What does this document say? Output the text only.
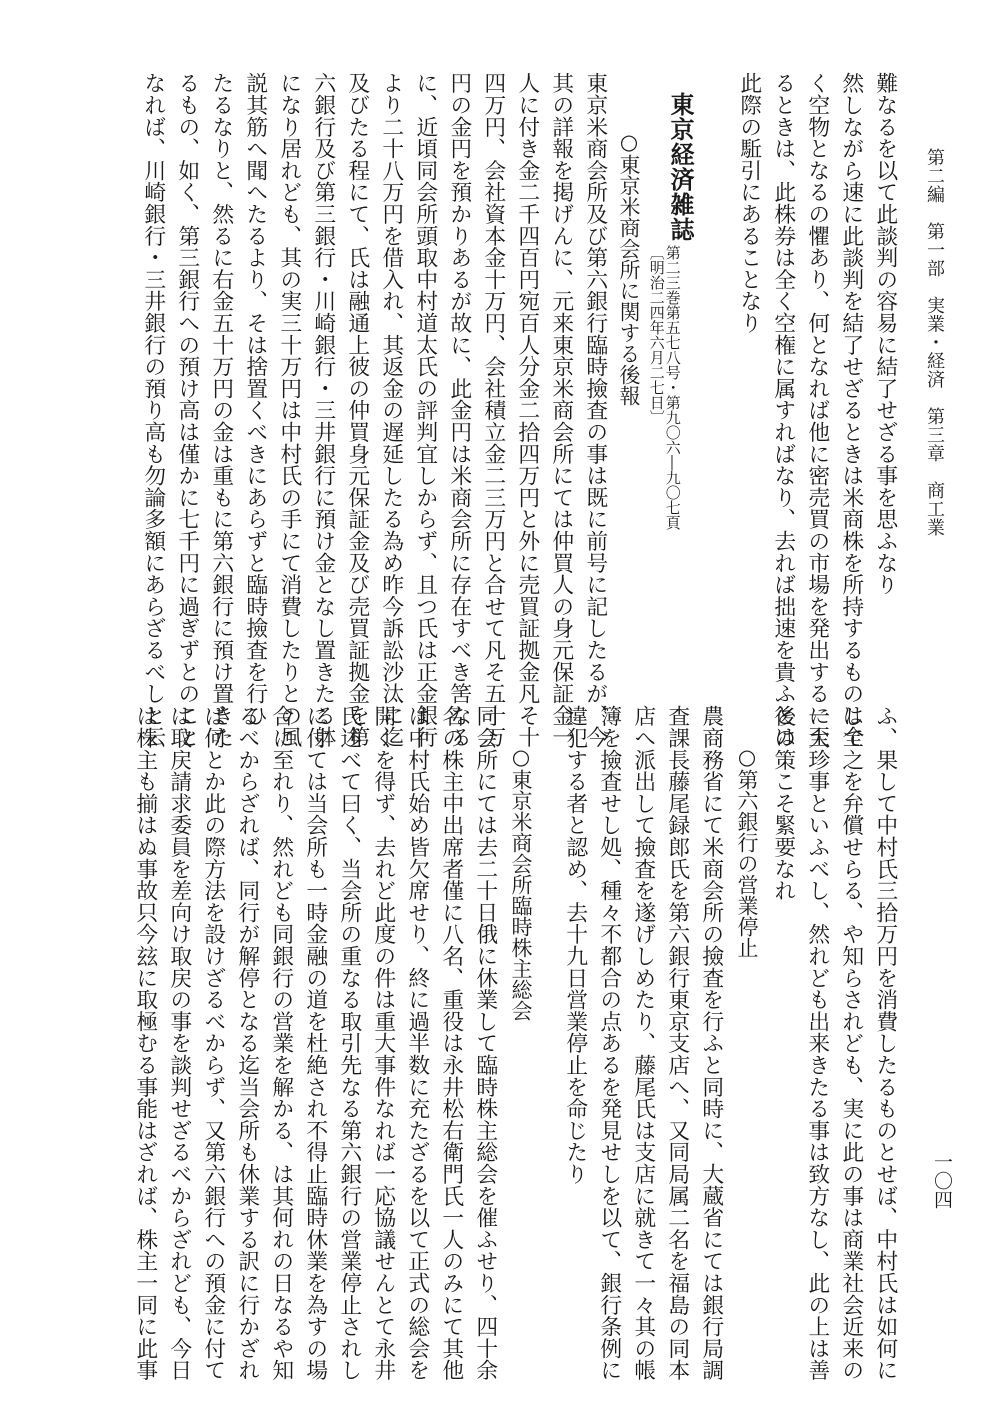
第二編　第一部　実業・経済　第三章　商工業
一〇四
難なるを以て此談判の容易に結了せざる事を思ふなり
然しながら速に此談判を結了せざるときは米商株を所持するものは全
く空物となるの懼あり、何となれば他に密売買の市場を発出するに至
るときは、此株券は全く空権に属すればなり、去れば拙速を貴ふとは
此際の駈引にあることなり
東京経済雑誌
第二三巻第五七八号・第九〇六―九〇七頁
〔明治二四年六月二七日〕
○東京米商会所に関する後報
東京米商会所及び第六銀行臨時撿査の事は既に前号に記したるが、今
其の詳報を掲げんに、元来東京米商会所にては仲買人の身元保証金一
人に付き金二千四百円宛百人分金二拾四万円と外に売買証拠金凡そ十
四万円、会社資本金十万円、会社積立金二三万円と合せて凡そ五十万
円の金円を預かりあるが故に、此金円は米商会所に存在すべき筈なる
に、近頃同会所頭取中村道太氏の評判宜しからず、且つ氏は正金銀行
より二十八万円を借入れ、其返金の遅延したる為め昨今訴訟沙汰に迄
及びたる程にて、氏は融通上彼の仲買身元保証金及び売買証拠金を第
六銀行及び第三銀行・川崎銀行・三井銀行に預け金となし置きたる躰
になり居れども、其の実三十万円は中村氏の手にて消費したりとの風
説其筋へ聞へたるより、そは捨置くべきにあらずと臨時撿査を行ひ
たるなりと、然るに右金五十万円の金は重もに第六銀行に預け置きた
るもの、如く、第三銀行への預け高は僅かに七千円に過ぎずとのこと
なれば、川崎銀行・三井銀行の預り高も勿論多額にあらざるべしと云
ふ、果して中村氏三拾万円を消費したるものとせば、中村氏は如何に
して之を弁償せらる、や知らされども、実に此の事は商業社会近来の
一大珍事といふべし、然れども出来きたる事は致方なし、此の上は善
後の策こそ緊要なれ
○第六銀行の営業停止
農商務省にて米商会所の撿査を行ふと同時に、大蔵省にては銀行局調
査課長藤尾録郎氏を第六銀行東京支店へ、又同局属二名を福島の同本
店へ派出して撿査を遂げしめたり、藤尾氏は支店に就きて一々其の帳
簿を撿査せし処、種々不都合の点あるを発見せしを以て、銀行条例に
違犯する者と認め、去十九日営業停止を命じたり
○東京米商会所臨時株主総会
同会所にては去二十日俄に休業して臨時株主総会を催ふせり、四十余
名の株主中出席者僅に八名、重役は永井松右衛門氏一人のみにて其他
は中村氏始め皆欠席せり、終に過半数に充たざるを以て正式の総会を
開くを得ず、去れど此度の件は重大事件なれば一応協議せんとて永井
氏述べて曰く、当会所の重なる取引先なる第六銀行の営業停止されし
に付ては当会所も一時金融の道を杜絶され不得止臨時休業を為すの場
合に至れり、然れども同銀行の営業を解かる、は其何れの日なるや知
るべからざれば、同行が解停となる迄当会所も休業する訳に行かざれ
ば何とか此の際方法を設けざるべからず、又第六銀行への預金に付て
は取戻請求委員を差向け取戻の事を談判せざるべからざれども、今日
は株主も揃はぬ事故只今玆に取極むる事能はざれば、株主一同に此事
